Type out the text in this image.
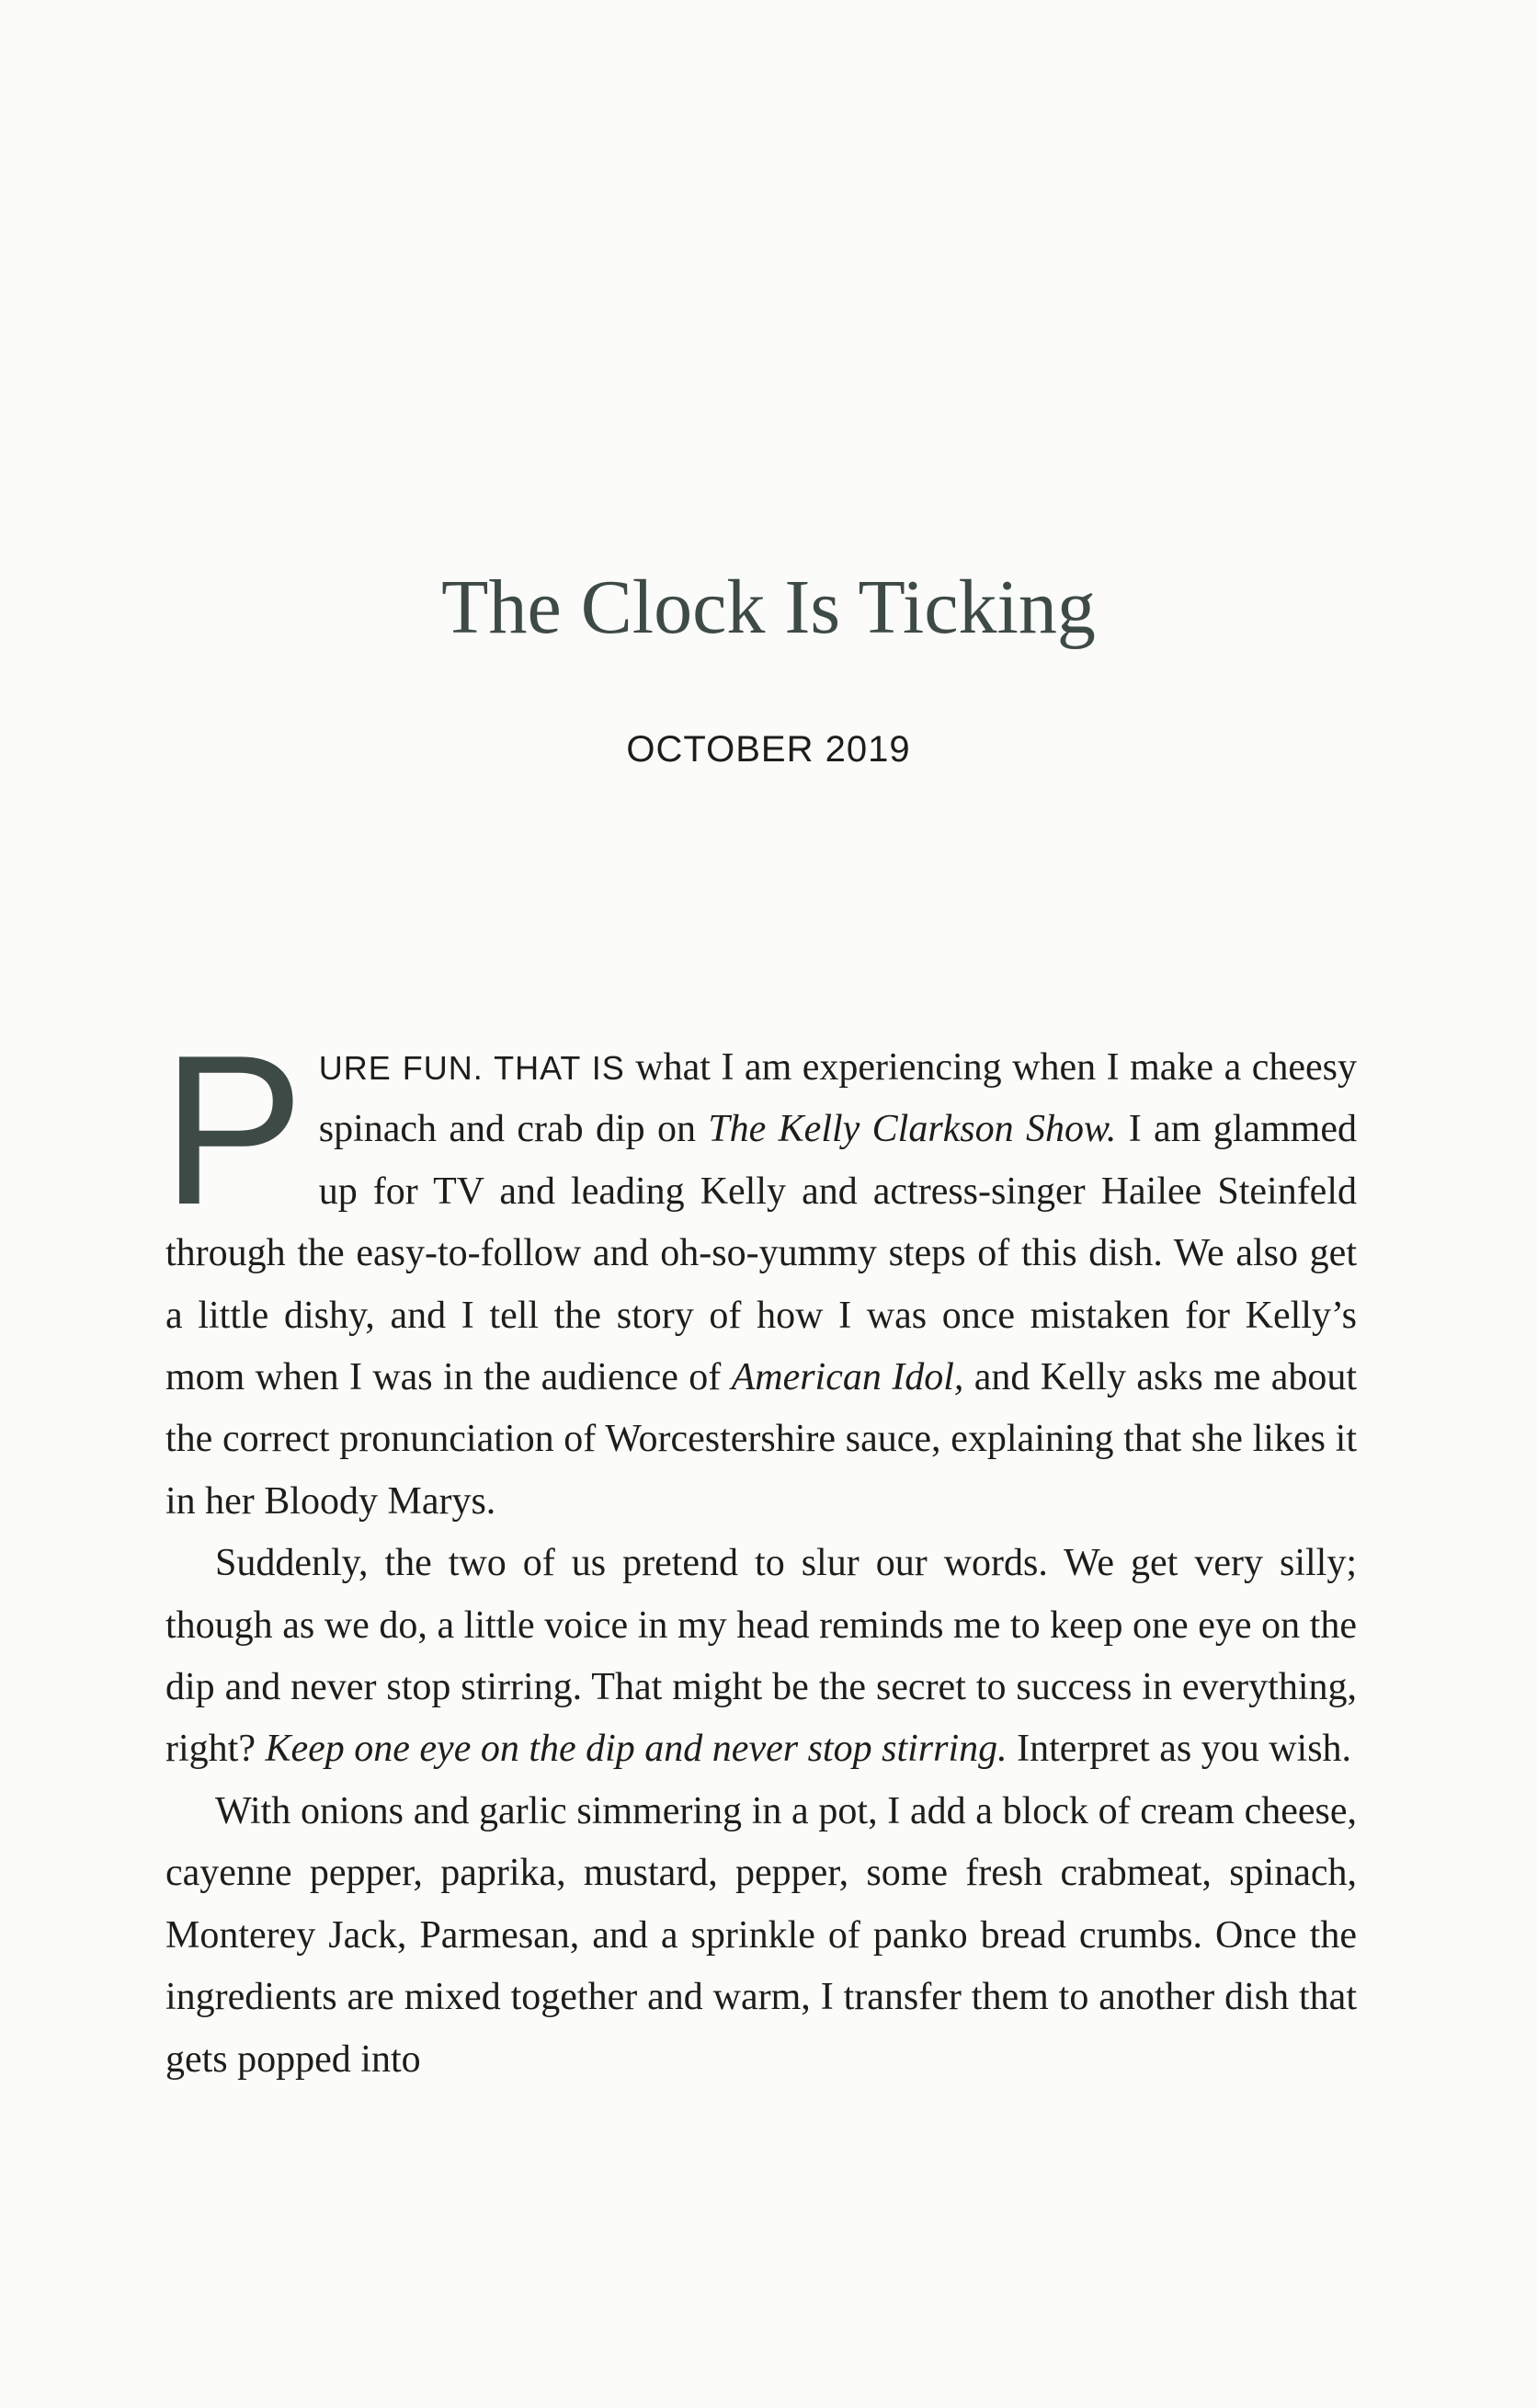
The Clock Is Ticking
OCTOBER 2019

PURE FUN. THAT IS what I am experiencing when I make a cheesy spinach and crab dip on The Kelly Clarkson Show. I am glammed up for TV and leading Kelly and actress-singer Hailee Steinfeld through the easy-to-follow and oh-so-yummy steps of this dish. We also get a little dishy, and I tell the story of how I was once mistaken for Kelly’s mom when I was in the audience of American Idol, and Kelly asks me about the correct pronunciation of Worcestershire sauce, explaining that she likes it in her Bloody Marys.

Suddenly, the two of us pretend to slur our words. We get very silly; though as we do, a little voice in my head reminds me to keep one eye on the dip and never stop stirring. That might be the secret to success in everything, right? Keep one eye on the dip and never stop stirring. Interpret as you wish.

With onions and garlic simmering in a pot, I add a block of cream cheese, cayenne pepper, paprika, mustard, pepper, some fresh crabmeat, spinach, Monterey Jack, Parmesan, and a sprinkle of panko bread crumbs. Once the ingredients are mixed together and warm, I transfer them to another dish that gets popped into
